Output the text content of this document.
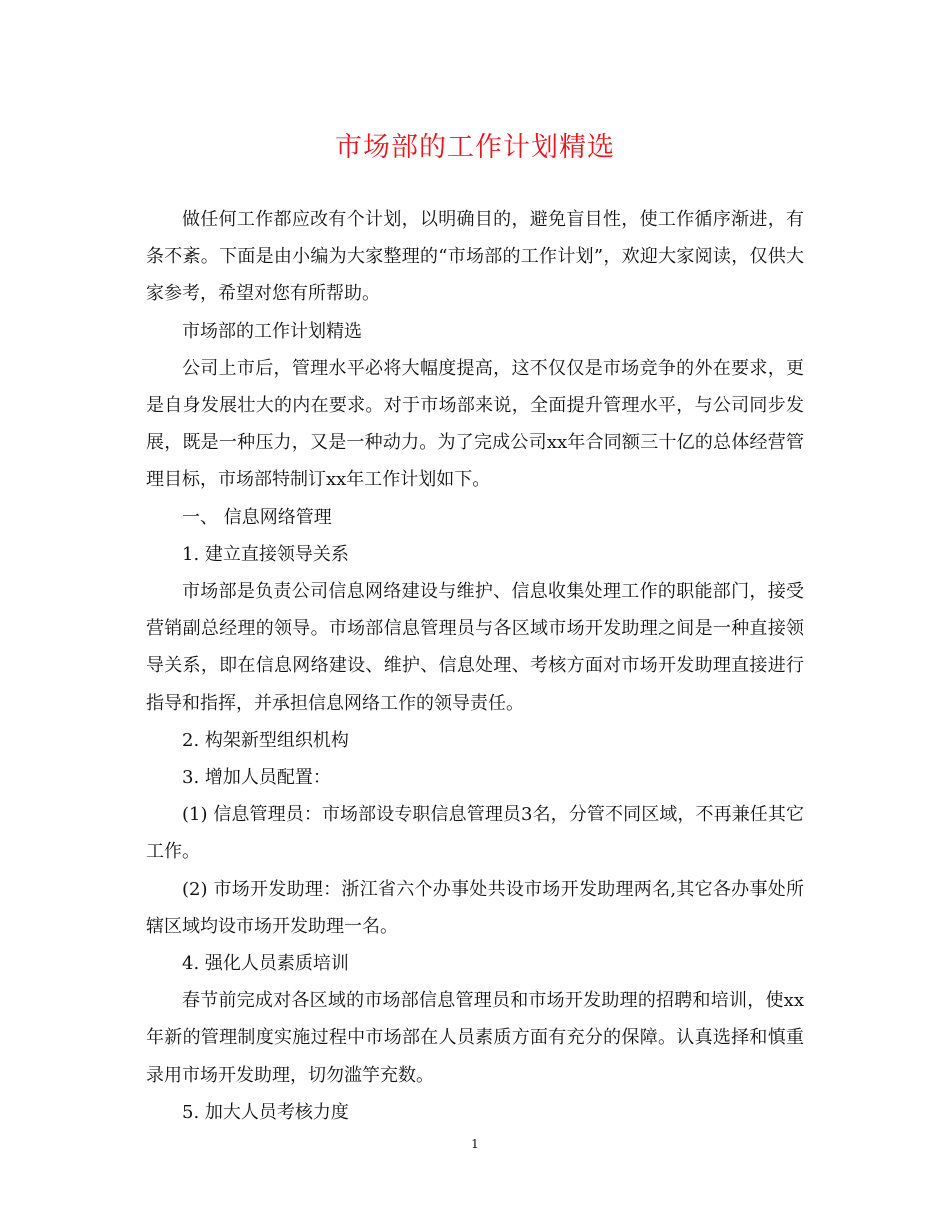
市场部的工作计划精选

做任何工作都应改有个计划，以明确目的，避免盲目性，使工作循序渐进，有条不紊。下面是由小编为大家整理的“市场部的工作计划”，欢迎大家阅读，仅供大家参考，希望对您有所帮助。

市场部的工作计划精选

公司上市后，管理水平必将大幅度提高，这不仅仅是市场竞争的外在要求，更是自身发展壮大的内在要求。对于市场部来说，全面提升管理水平，与公司同步发展，既是一种压力，又是一种动力。为了完成公司xx年合同额三十亿的总体经营管理目标，市场部特制订xx年工作计划如下。

一、 信息网络管理

1. 建立直接领导关系

市场部是负责公司信息网络建设与维护、信息收集处理工作的职能部门，接受营销副总经理的领导。市场部信息管理员与各区域市场开发助理之间是一种直接领导关系，即在信息网络建设、维护、信息处理、考核方面对市场开发助理直接进行指导和指挥，并承担信息网络工作的领导责任。

2. 构架新型组织机构

3. 增加人员配置：

(1) 信息管理员：市场部设专职信息管理员3名，分管不同区域，不再兼任其它工作。

(2) 市场开发助理：浙江省六个办事处共设市场开发助理两名,其它各办事处所辖区域均设市场开发助理一名。

4. 强化人员素质培训

春节前完成对各区域的市场部信息管理员和市场开发助理的招聘和培训，使xx年新的管理制度实施过程中市场部在人员素质方面有充分的保障。认真选择和慎重录用市场开发助理，切勿滥竽充数。

5. 加大人员考核力度

1
